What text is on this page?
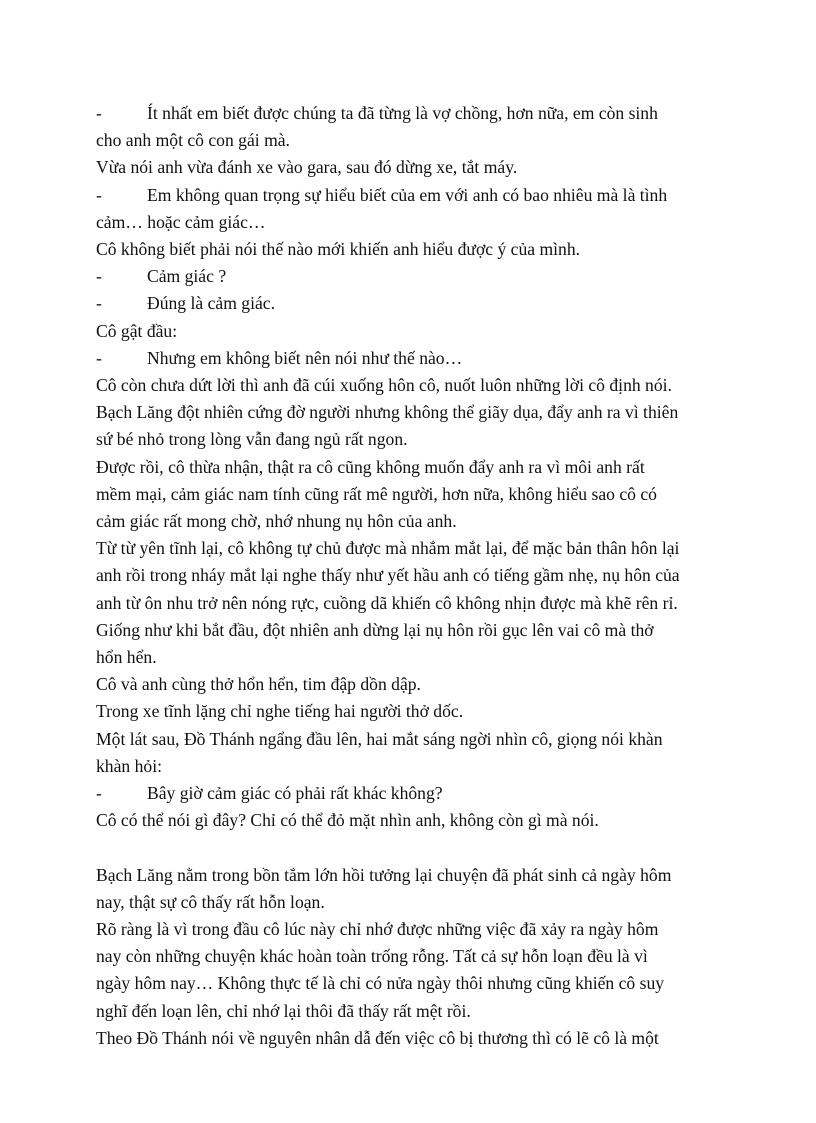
-	Ít nhất em biết được chúng ta đã từng là vợ chồng, hơn nữa, em còn sinh
cho anh một cô con gái mà.
Vừa nói anh vừa đánh xe vào gara, sau đó dừng xe, tắt máy.
-	Em không quan trọng sự hiểu biết của em với anh có bao nhiêu mà là tình
cảm… hoặc cảm giác…
Cô không biết phải nói thế nào mới khiến anh hiểu được ý của mình.
-	Cảm giác ?
-	Đúng là cảm giác.
Cô gật đầu:
-	Nhưng em không biết nên nói như thế nào…
Cô còn chưa dứt lời thì anh đã cúi xuống hôn cô, nuốt luôn những lời cô định nói.
Bạch Lăng đột nhiên cứng đờ người nhưng không thể giãy dụa, đẩy anh ra vì thiên
sứ bé nhỏ trong lòng vẫn đang ngủ rất ngon.
Được rồi, cô thừa nhận, thật ra cô cũng không muốn đẩy anh ra vì môi anh rất
mềm mại, cảm giác nam tính cũng rất mê người, hơn nữa, không hiểu sao cô có
cảm giác rất mong chờ, nhớ nhung nụ hôn của anh.
Từ từ yên tĩnh lại, cô không tự chủ được mà nhắm mắt lại, để mặc bản thân hôn lại
anh rồi trong nháy mắt lại nghe thấy như yết hầu anh có tiếng gầm nhẹ, nụ hôn của
anh từ ôn nhu trở nên nóng rực, cuồng dã khiến cô không nhịn được mà khẽ rên rỉ.
Giống như khi bắt đầu, đột nhiên anh dừng lại nụ hôn rồi gục lên vai cô mà thở
hổn hển.
Cô và anh cùng thở hổn hển, tim đập dồn dập.
Trong xe tĩnh lặng chỉ nghe tiếng hai người thở dốc.
Một lát sau, Đồ Thánh ngẩng đầu lên, hai mắt sáng ngời nhìn cô, giọng nói khàn
khàn hỏi:
-	Bây giờ cảm giác có phải rất khác không?
Cô có thể nói gì đây? Chỉ có thể đỏ mặt nhìn anh, không còn gì mà nói.
Bạch Lăng nằm trong bồn tắm lớn hồi tưởng lại chuyện đã phát sinh cả ngày hôm
nay, thật sự cô thấy rất hỗn loạn.
Rõ ràng là vì trong đầu cô lúc này chỉ nhớ được những việc đã xảy ra ngày hôm
nay còn những chuyện khác hoàn toàn trống rỗng. Tất cả sự hỗn loạn đều là vì
ngày hôm nay… Không thực tế là chỉ có nửa ngày thôi nhưng cũng khiến cô suy
nghĩ đến loạn lên, chỉ nhớ lại thôi đã thấy rất mệt rồi.
Theo Đồ Thánh nói về nguyên nhân dẫ đến việc cô bị thương thì có lẽ cô là một
